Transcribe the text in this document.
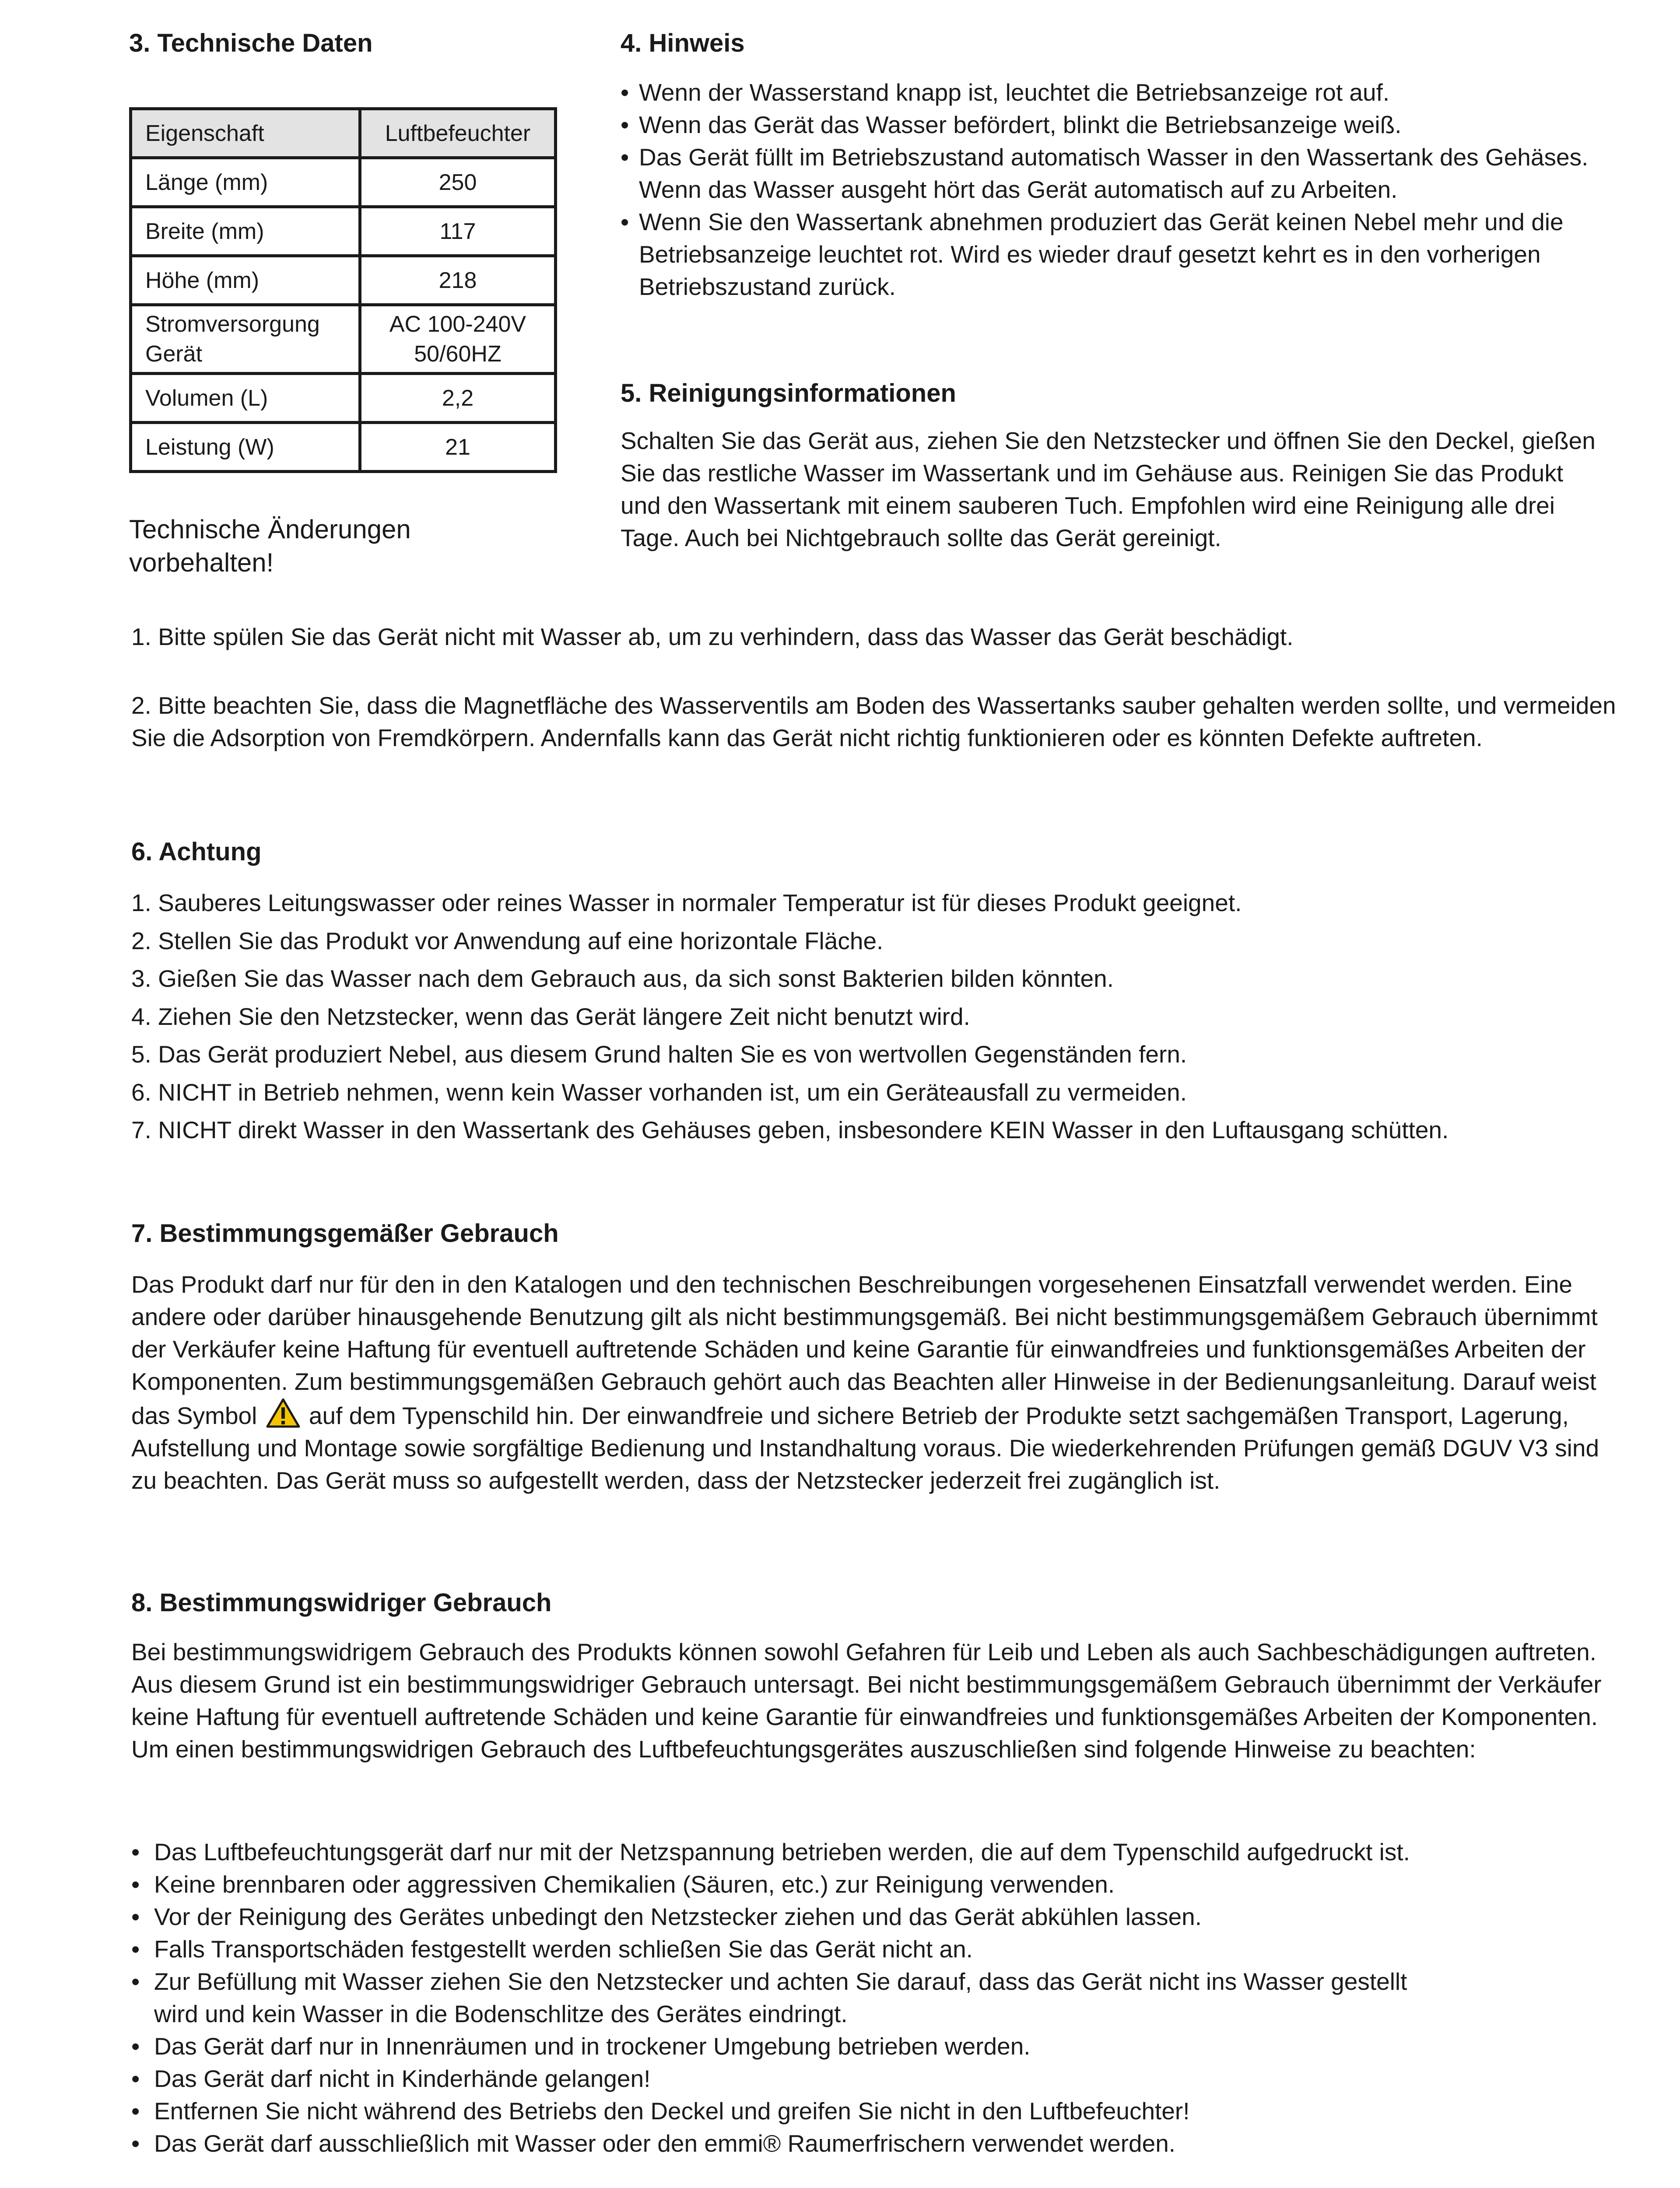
3. Technische Daten
Eigenschaft	Luftbefeuchter
Länge (mm)	250
Breite (mm)	117
Höhe (mm)	218
Stromversorgung Gerät	AC 100-240V 50/60HZ
Volumen (L)	2,2
Leistung (W)	21

Technische Änderungen vorbehalten!

4. Hinweis
• Wenn der Wasserstand knapp ist, leuchtet die Betriebsanzeige rot auf.
• Wenn das Gerät das Wasser befördert, blinkt die Betriebsanzeige weiß.
• Das Gerät füllt im Betriebszustand automatisch Wasser in den Wassertank des Gehäses. Wenn das Wasser ausgeht hört das Gerät automatisch auf zu Arbeiten.
• Wenn Sie den Wassertank abnehmen produziert das Gerät keinen Nebel mehr und die Betriebsanzeige leuchtet rot. Wird es wieder drauf gesetzt kehrt es in den vorherigen Betriebszustand zurück.
5. Reinigungsinformationen

Schalten Sie das Gerät aus, ziehen Sie den Netzstecker und öffnen Sie den Deckel, gießen Sie das restliche Wasser im Wassertank und im Gehäuse aus. Reinigen Sie das Produkt und den Wassertank mit einem sauberen Tuch. Empfohlen wird eine Reinigung alle drei Tage. Auch bei Nichtgebrauch sollte das Gerät gereinigt.

1. Bitte spülen Sie das Gerät nicht mit Wasser ab, um zu verhindern, dass das Wasser das Gerät beschädigt.

2. Bitte beachten Sie, dass die Magnetfläche des Wasserventils am Boden des Wassertanks sauber gehalten werden sollte, und vermeiden Sie die Adsorption von Fremdkörpern. Andernfalls kann das Gerät nicht richtig funktionieren oder es könnten Defekte auftreten.

6. Achtung
1. Sauberes Leitungswasser oder reines Wasser in normaler Temperatur ist für dieses Produkt geeignet.
2. Stellen Sie das Produkt vor Anwendung auf eine horizontale Fläche.
3. Gießen Sie das Wasser nach dem Gebrauch aus, da sich sonst Bakterien bilden könnten.
4. Ziehen Sie den Netzstecker, wenn das Gerät längere Zeit nicht benutzt wird.
5. Das Gerät produziert Nebel, aus diesem Grund halten Sie es von wertvollen Gegenständen fern.
6. NICHT in Betrieb nehmen, wenn kein Wasser vorhanden ist, um ein Geräteausfall zu vermeiden.
7. NICHT direkt Wasser in den Wassertank des Gehäuses geben, insbesondere KEIN Wasser in den Luftausgang schütten.
7. Bestimmungsgemäßer Gebrauch

Das Produkt darf nur für den in den Katalogen und den technischen Beschreibungen vorgesehenen Einsatzfall verwendet werden. Eine andere oder darüber hinausgehende Benutzung gilt als nicht bestimmungsgemäß. Bei nicht bestimmungsgemäßem Gebrauch übernimmt der Verkäufer keine Haftung für eventuell auftretende Schäden und keine Garantie für einwandfreies und funktionsgemäßes Arbeiten der Komponenten. Zum bestimmungsgemäßen Gebrauch gehört auch das Beachten aller Hinweise in der Bedienungsanleitung. Darauf weist das Symbol auf dem Typenschild hin. Der einwandfreie und sichere Betrieb der Produkte setzt sachgemäßen Transport, Lagerung, Aufstellung und Montage sowie sorgfältige Bedienung und Instandhaltung voraus. Die wiederkehrenden Prüfungen gemäß DGUV V3 sind zu beachten. Das Gerät muss so aufgestellt werden, dass der Netzstecker jederzeit frei zugänglich ist.

8. Bestimmungswidriger Gebrauch

Bei bestimmungswidrigem Gebrauch des Produkts können sowohl Gefahren für Leib und Leben als auch Sachbeschädigungen auftreten. Aus diesem Grund ist ein bestimmungswidriger Gebrauch untersagt. Bei nicht bestimmungsgemäßem Gebrauch übernimmt der Verkäufer keine Haftung für eventuell auftretende Schäden und keine Garantie für einwandfreies und funktionsgemäßes Arbeiten der Komponenten. Um einen bestimmungswidrigen Gebrauch des Luftbefeuchtungsgerätes auszuschließen sind folgende Hinweise zu beachten:

• Das Luftbefeuchtungsgerät darf nur mit der Netzspannung betrieben werden, die auf dem Typenschild aufgedruckt ist.
• Keine brennbaren oder aggressiven Chemikalien (Säuren, etc.) zur Reinigung verwenden.
• Vor der Reinigung des Gerätes unbedingt den Netzstecker ziehen und das Gerät abkühlen lassen.
• Falls Transportschäden festgestellt werden schließen Sie das Gerät nicht an.
• Zur Befüllung mit Wasser ziehen Sie den Netzstecker und achten Sie darauf, dass das Gerät nicht ins Wasser gestellt wird und kein Wasser in die Bodenschlitze des Gerätes eindringt.
• Das Gerät darf nur in Innenräumen und in trockener Umgebung betrieben werden.
• Das Gerät darf nicht in Kinderhände gelangen!
• Entfernen Sie nicht während des Betriebs den Deckel und greifen Sie nicht in den Luftbefeuchter!
• Das Gerät darf ausschließlich mit Wasser oder den emmi® Raumerfrischern verwendet werden.
